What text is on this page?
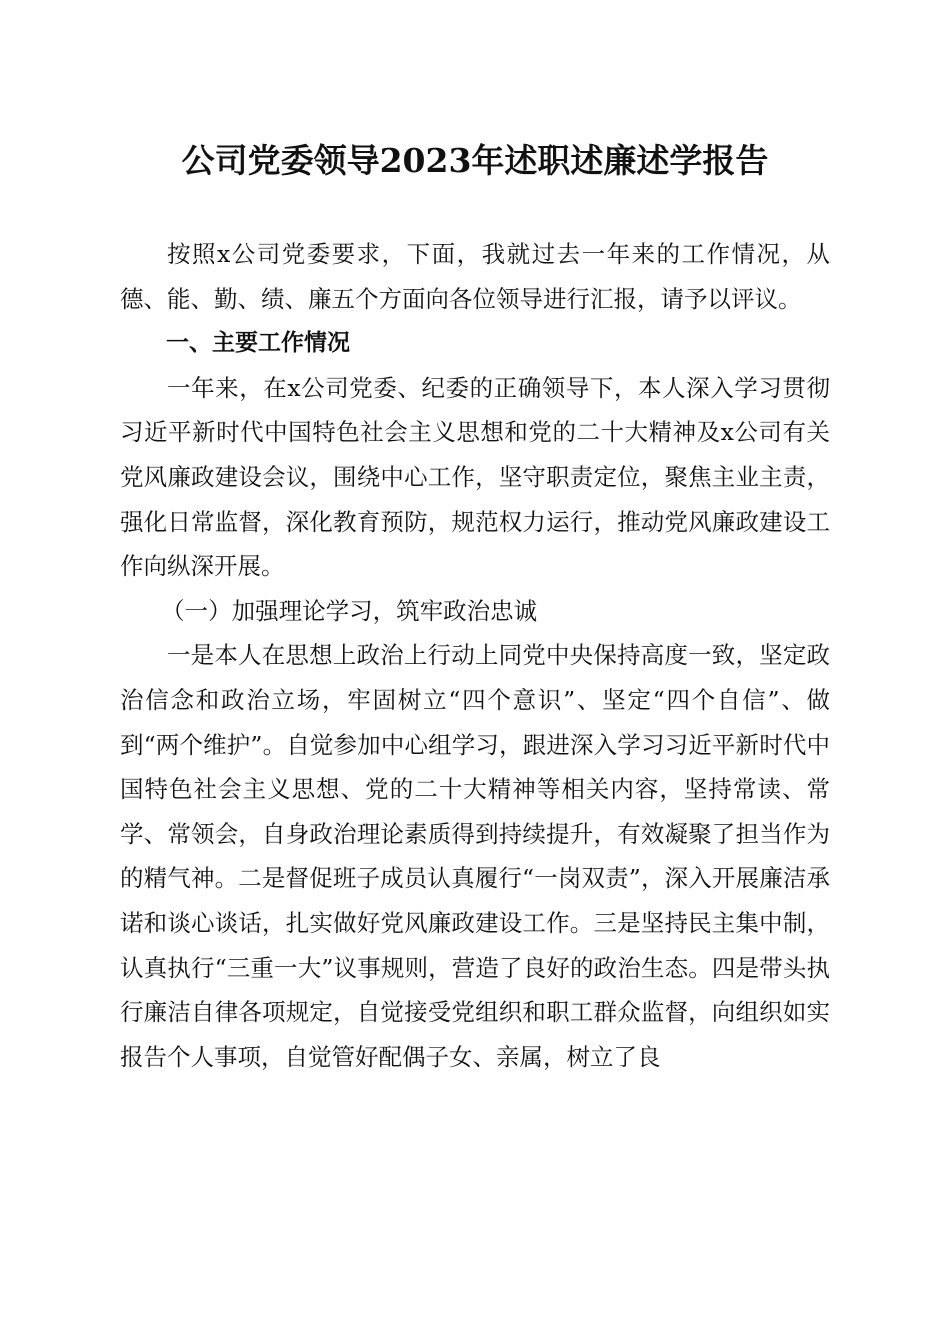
公司党委领导2023年述职述廉述学报告

按照x公司党委要求，下面，我就过去一年来的工作情况，从德、能、勤、绩、廉五个方面向各位领导进行汇报，请予以评议。

一、主要工作情况

一年来，在x公司党委、纪委的正确领导下，本人深入学习贯彻习近平新时代中国特色社会主义思想和党的二十大精神及x公司有关党风廉政建设会议，围绕中心工作，坚守职责定位，聚焦主业主责，强化日常监督，深化教育预防，规范权力运行，推动党风廉政建设工作向纵深开展。

（一）加强理论学习，筑牢政治忠诚

一是本人在思想上政治上行动上同党中央保持高度一致，坚定政治信念和政治立场，牢固树立“四个意识”、坚定“四个自信”、做到“两个维护”。自觉参加中心组学习，跟进深入学习习近平新时代中国特色社会主义思想、党的二十大精神等相关内容，坚持常读、常学、常领会，自身政治理论素质得到持续提升，有效凝聚了担当作为的精气神。二是督促班子成员认真履行“一岗双责”，深入开展廉洁承诺和谈心谈话，扎实做好党风廉政建设工作。三是坚持民主集中制，认真执行“三重一大”议事规则，营造了良好的政治生态。四是带头执行廉洁自律各项规定，自觉接受党组织和职工群众监督，向组织如实报告个人事项，自觉管好配偶子女、亲属，树立了良
